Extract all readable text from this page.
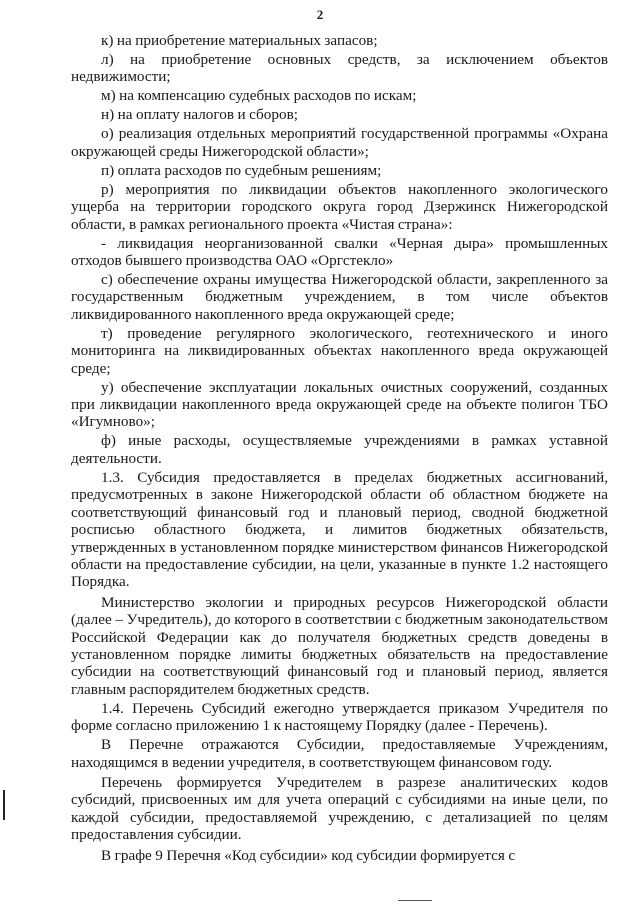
2

к) на приобретение материальных запасов;

л) на приобретение основных средств, за исключением объектов недвижимости;

м) на компенсацию судебных расходов по искам;

н) на оплату налогов и сборов;

о) реализация отдельных мероприятий государственной программы «Охрана окружающей среды Нижегородской области»;

п) оплата расходов по судебным решениям;

р) мероприятия по ликвидации объектов накопленного экологического ущерба на территории городского округа город Дзержинск Нижегородской области, в рамках регионального проекта «Чистая страна»:

- ликвидация неорганизованной свалки «Черная дыра» промышленных отходов бывшего производства ОАО «Оргстекло»

с) обеспечение охраны имущества Нижегородской области, закрепленного за государственным бюджетным учреждением, в том числе объектов ликвидированного накопленного вреда окружающей среде;

т) проведение регулярного экологического, геотехнического и иного мониторинга на ликвидированных объектах накопленного вреда окружающей среде;

у) обеспечение эксплуатации локальных очистных сооружений, созданных при ликвидации накопленного вреда окружающей среде на объекте полигон ТБО «Игумново»;

ф) иные расходы, осуществляемые учреждениями в рамках уставной деятельности.

1.3. Субсидия предоставляется в пределах бюджетных ассигнований, предусмотренных в законе Нижегородской области об областном бюджете на соответствующий финансовый год и плановый период, сводной бюджетной росписью областного бюджета, и лимитов бюджетных обязательств, утвержденных в установленном порядке министерством финансов Нижегородской области на предоставление субсидии, на цели, указанные в пункте 1.2 настоящего Порядка.

Министерство экологии и природных ресурсов Нижегородской области (далее – Учредитель), до которого в соответствии с бюджетным законодательством Российской Федерации как до получателя бюджетных средств доведены в установленном порядке лимиты бюджетных обязательств на предоставление субсидии на соответствующий финансовый год и плановый период, является главным распорядителем бюджетных средств.

1.4. Перечень Субсидий ежегодно утверждается приказом Учредителя по форме согласно приложению 1 к настоящему Порядку (далее - Перечень).

В Перечне отражаются Субсидии, предоставляемые Учреждениям, находящимся в ведении учредителя, в соответствующем финансовом году.

Перечень формируется Учредителем в разрезе аналитических кодов субсидий, присвоенных им для учета операций с субсидиями на иные цели, по каждой субсидии, предоставляемой учреждению, с детализацией по целям предоставления субсидии.

В графе 9 Перечня «Код субсидии» код субсидии формируется с
